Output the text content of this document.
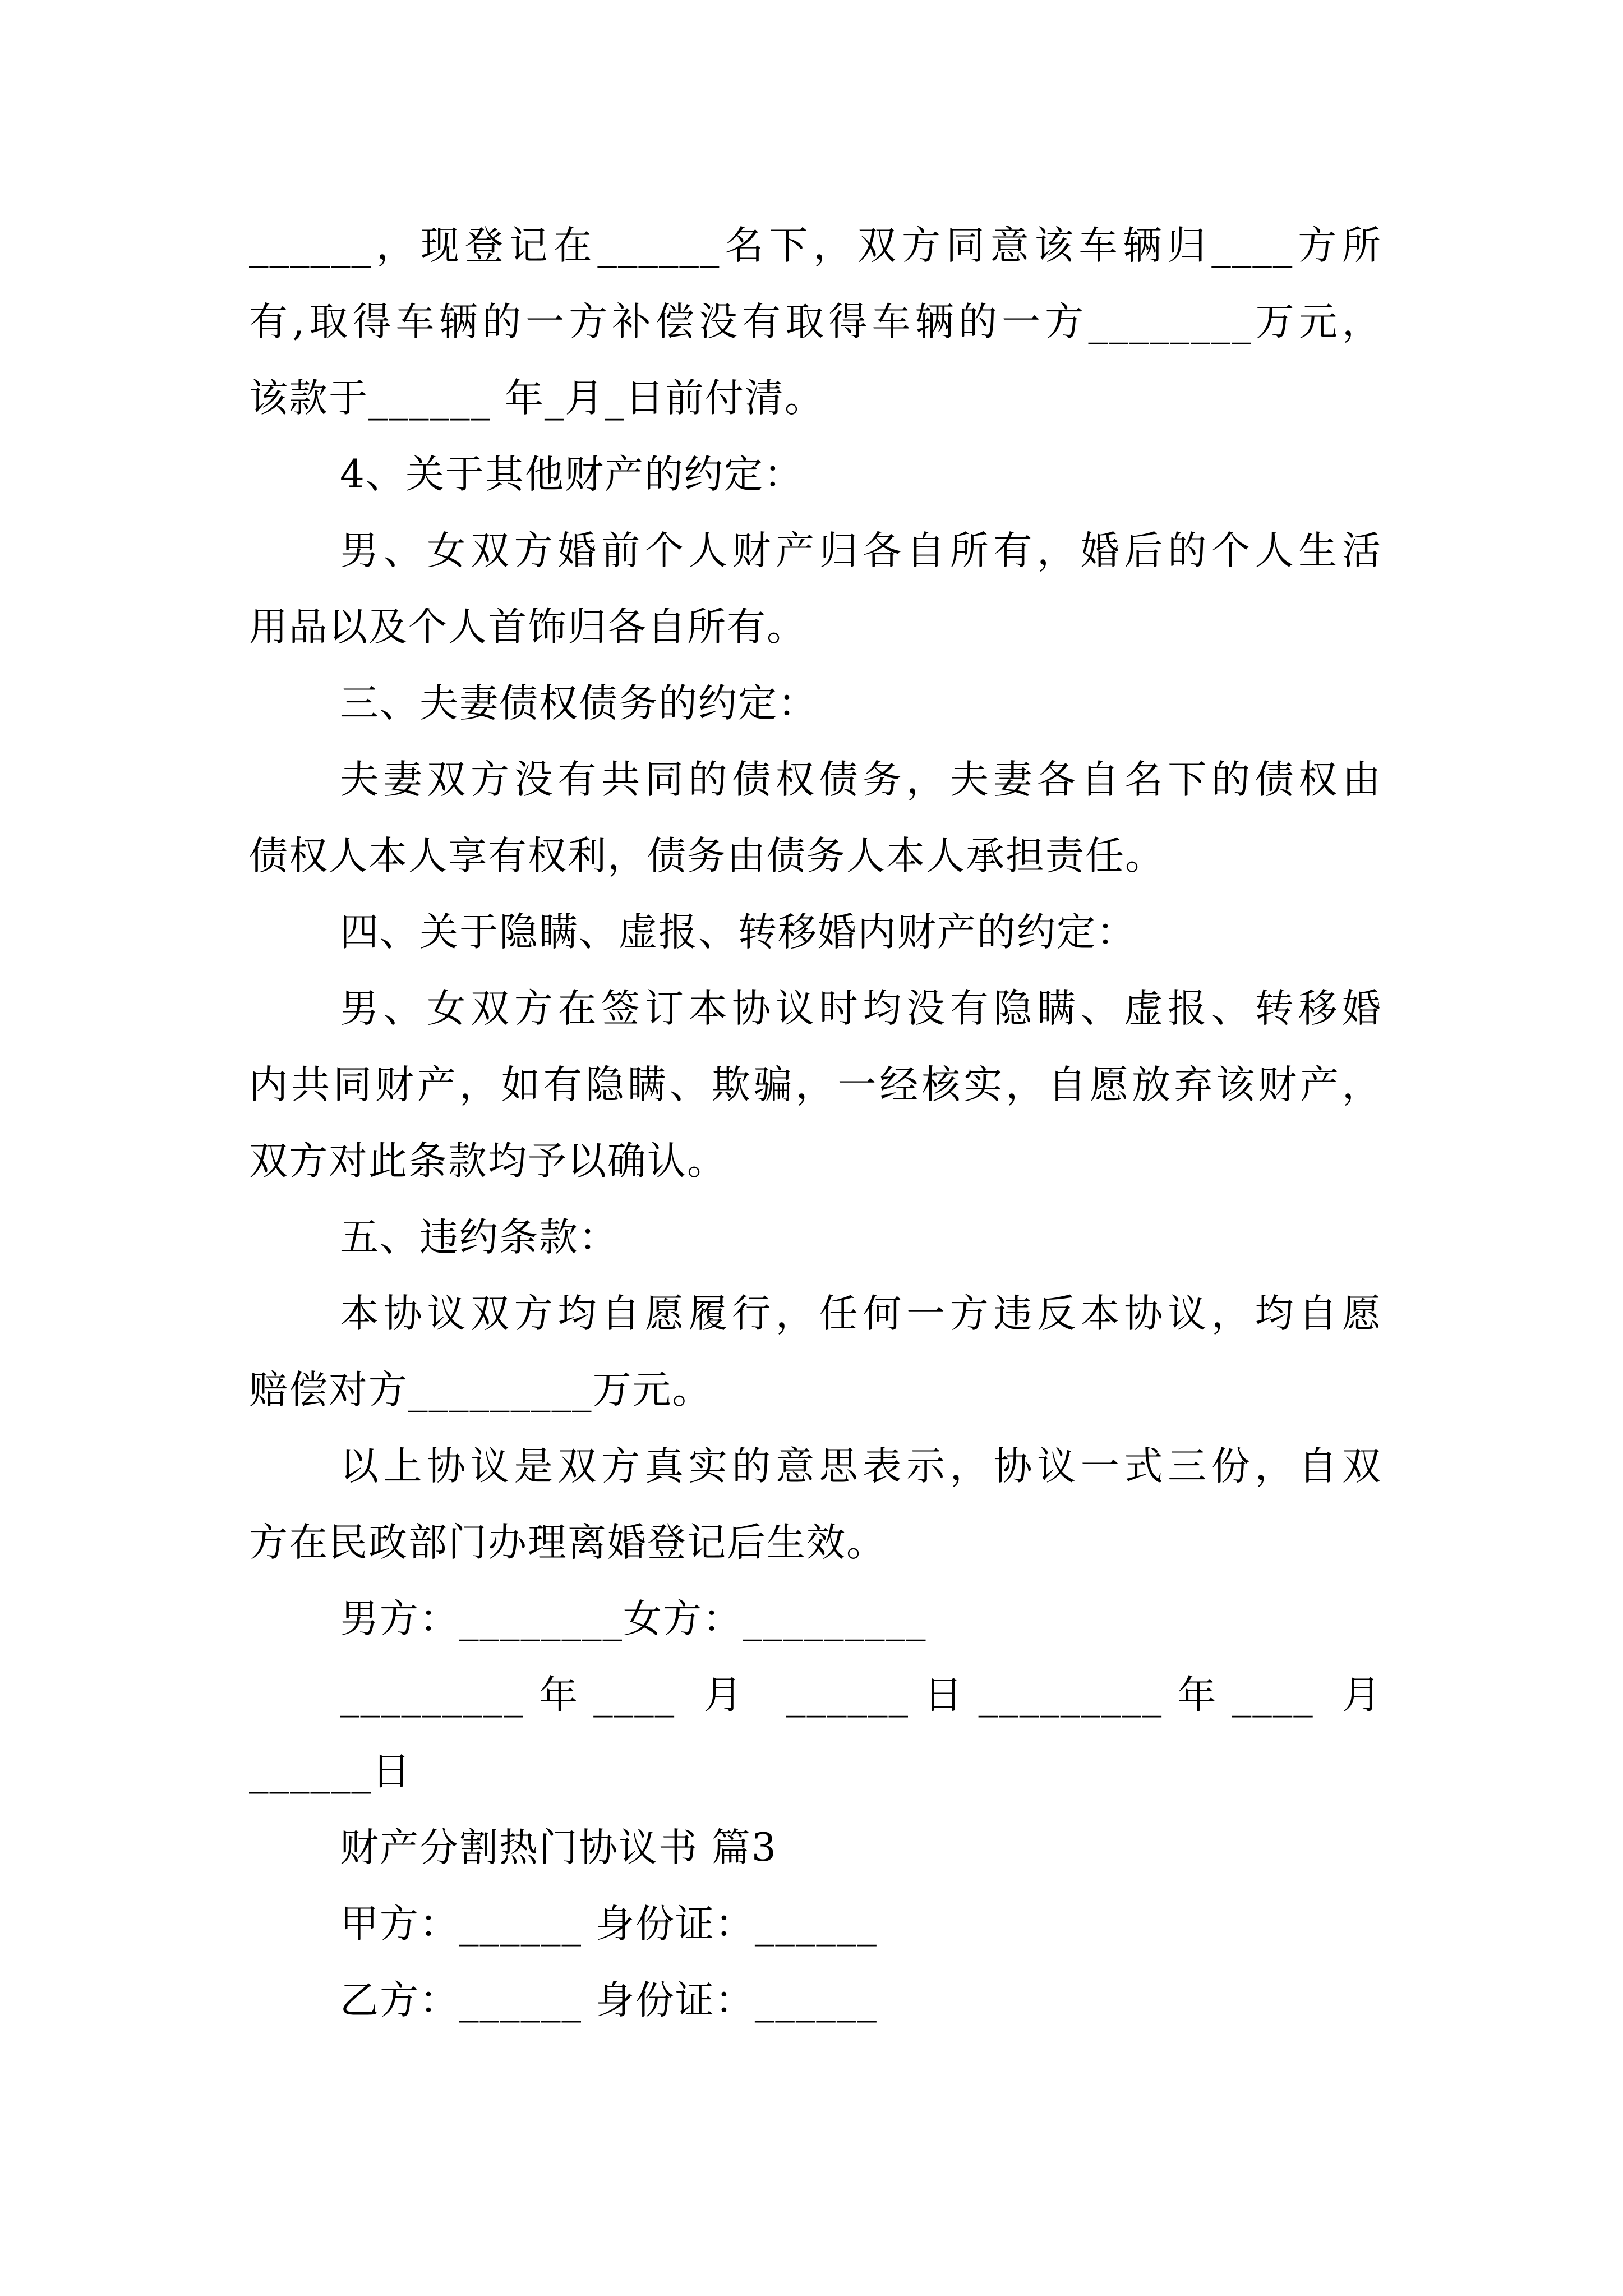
______，现登记在______名下，双方同意该车辆归____方所
有,取得车辆的一方补偿没有取得车辆的一方________万元，
该款于______ 年_月_日前付清。
4、关于其他财产的约定：
男、女双方婚前个人财产归各自所有，婚后的个人生活
用品以及个人首饰归各自所有。
三、夫妻债权债务的约定：
夫妻双方没有共同的债权债务，夫妻各自名下的债权由
债权人本人享有权利，债务由债务人本人承担责任。
四、关于隐瞒、虚报、转移婚内财产的约定：
男、女双方在签订本协议时均没有隐瞒、虚报、转移婚
内共同财产，如有隐瞒、欺骗，一经核实，自愿放弃该财产，
双方对此条款均予以确认。
五、违约条款：
本协议双方均自愿履行，任何一方违反本协议，均自愿
赔偿对方_________万元。
以上协议是双方真实的意思表示，协议一式三份，自双
方在民政部门办理离婚登记后生效。
男方：________女方：_________
_________年____ 月 ______日_________年____ 月
______日
财产分割热门协议书 篇3
甲方：______ 身份证：______
乙方：______ 身份证：______
